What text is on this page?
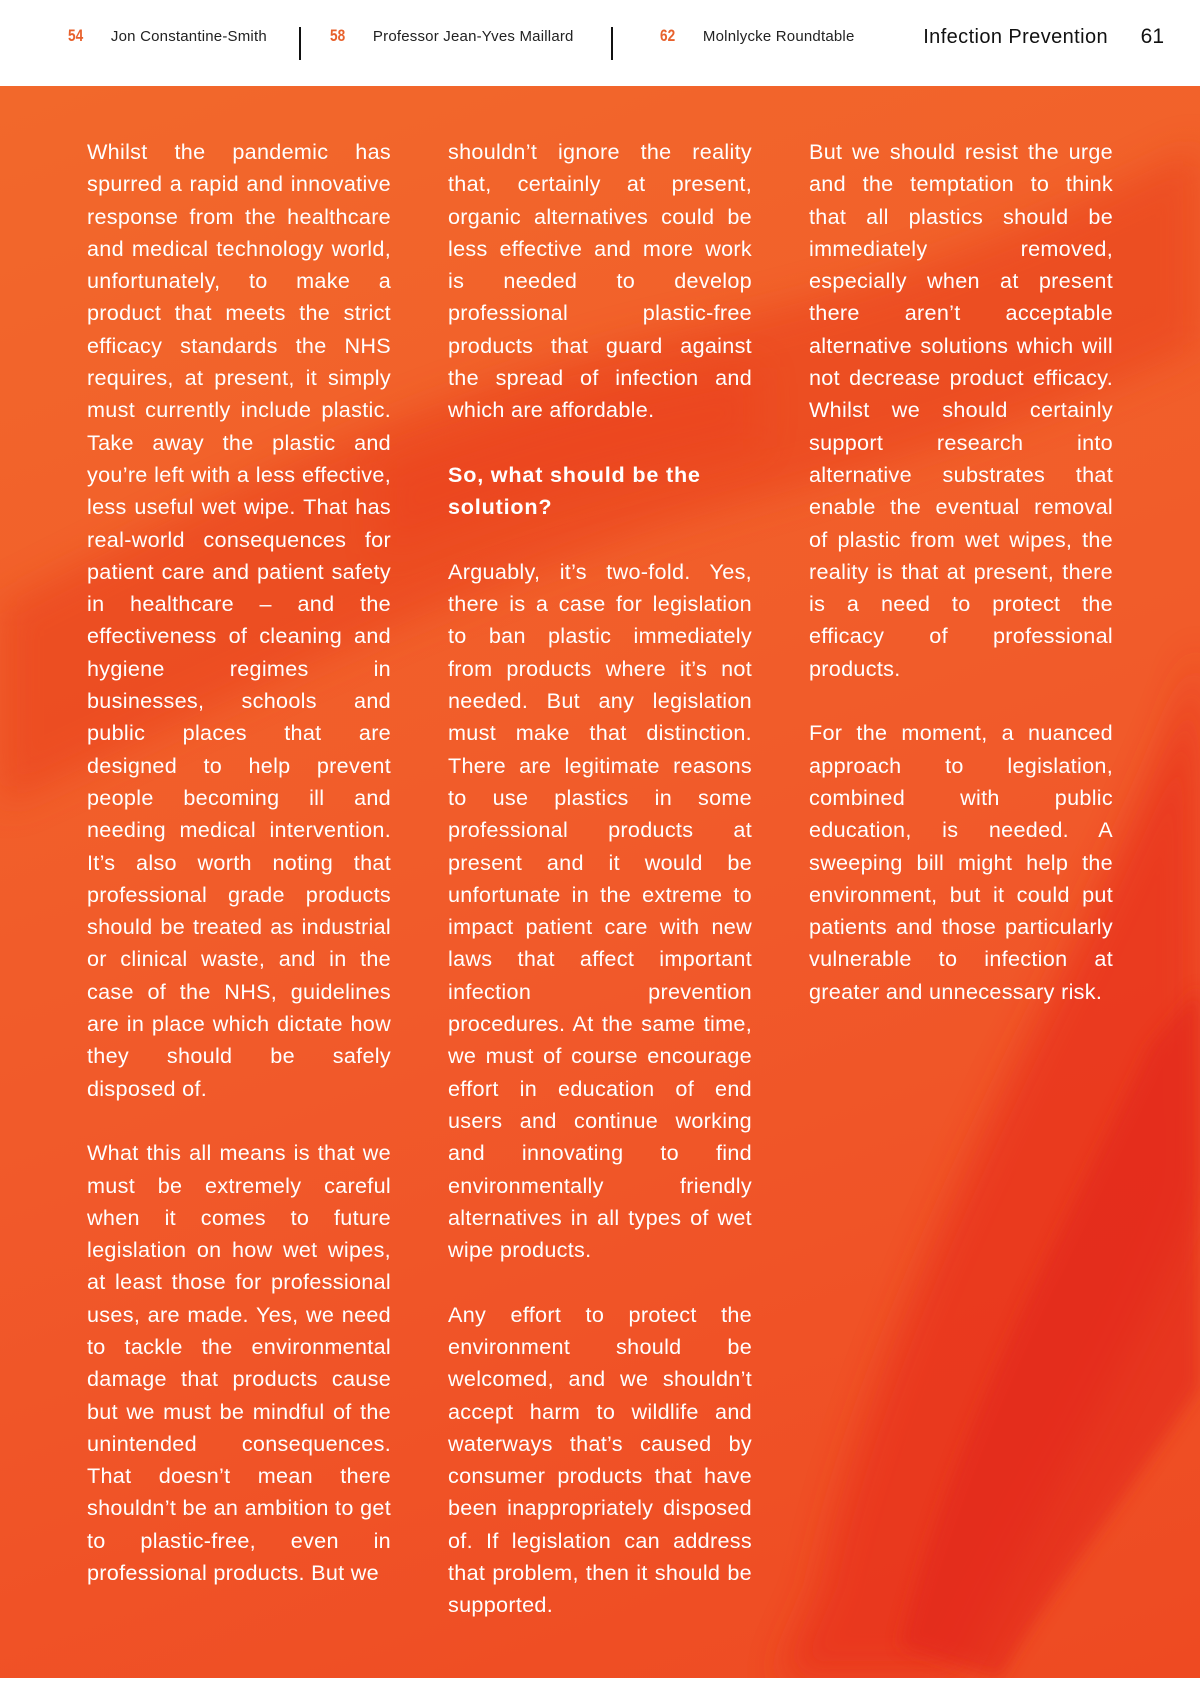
54 Jon Constantine-Smith	58 Professor Jean-Yves Maillard	62 Molnlycke Roundtable	Infection Prevention 61

Whilst the pandemic has spurred a rapid and innovative response from the healthcare and medical technology world, unfortunately, to make a product that meets the strict efficacy standards the NHS requires, at present, it simply must currently include plastic. Take away the plastic and you’re left with a less effective, less useful wet wipe. That has real-world consequences for patient care and patient safety in healthcare – and the effectiveness of cleaning and hygiene regimes in businesses, schools and public places that are designed to help prevent people becoming ill and needing medical intervention. It’s also worth noting that professional grade products should be treated as industrial or clinical waste, and in the case of the NHS, guidelines are in place which dictate how they should be safely disposed of.

What this all means is that we must be extremely careful when it comes to future legislation on how wet wipes, at least those for professional uses, are made. Yes, we need to tackle the environmental damage that products cause but we must be mindful of the unintended consequences. That doesn’t mean there shouldn’t be an ambition to get to plastic-free, even in professional products. But we

shouldn’t ignore the reality that, certainly at present, organic alternatives could be less effective and more work is needed to develop professional plastic-free products that guard against the spread of infection and which are affordable.

So, what should be the solution?

Arguably, it’s two-fold. Yes, there is a case for legislation to ban plastic immediately from products where it’s not needed. But any legislation must make that distinction. There are legitimate reasons to use plastics in some professional products at present and it would be unfortunate in the extreme to impact patient care with new laws that affect important infection prevention procedures. At the same time, we must of course encourage effort in education of end users and continue working and innovating to find environmentally friendly alternatives in all types of wet wipe products.

Any effort to protect the environment should be welcomed, and we shouldn’t accept harm to wildlife and waterways that’s caused by consumer products that have been inappropriately disposed of. If legislation can address that problem, then it should be supported.

But we should resist the urge and the temptation to think that all plastics should be immediately removed, especially when at present there aren’t acceptable alternative solutions which will not decrease product efficacy. Whilst we should certainly support research into alternative substrates that enable the eventual removal of plastic from wet wipes, the reality is that at present, there is a need to protect the efficacy of professional products.

For the moment, a nuanced approach to legislation, combined with public education, is needed. A sweeping bill might help the environment, but it could put patients and those particularly vulnerable to infection at greater and unnecessary risk.
